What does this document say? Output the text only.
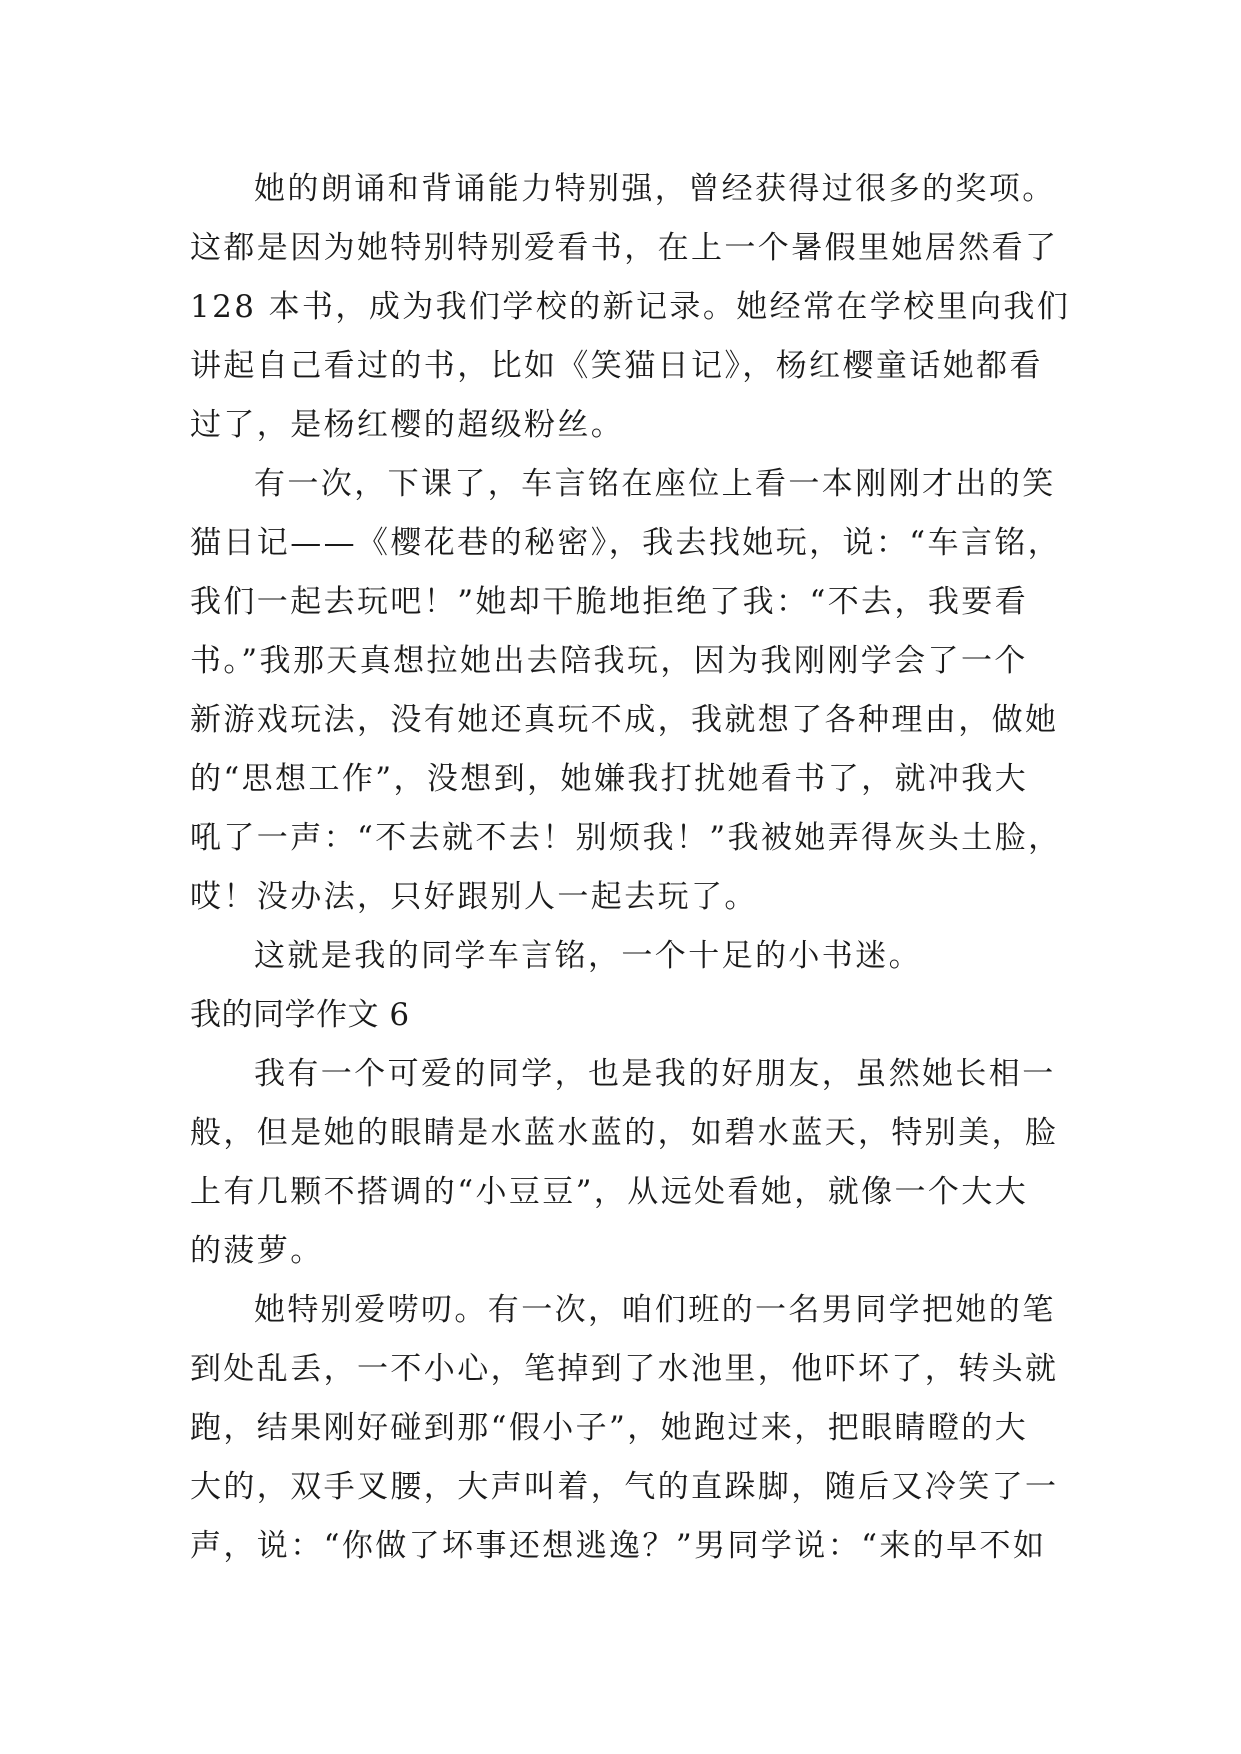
她的朗诵和背诵能力特别强，曾经获得过很多的奖项。
这都是因为她特别特别爱看书，在上一个暑假里她居然看了
128 本书，成为我们学校的新记录。她经常在学校里向我们
讲起自己看过的书，比如《笑猫日记》，杨红樱童话她都看
过了，是杨红樱的超级粉丝。
有一次，下课了，车言铭在座位上看一本刚刚才出的笑
猫日记——《樱花巷的秘密》，我去找她玩，说：“车言铭，
我们一起去玩吧！”她却干脆地拒绝了我：“不去，我要看
书。”我那天真想拉她出去陪我玩，因为我刚刚学会了一个
新游戏玩法，没有她还真玩不成，我就想了各种理由，做她
的“思想工作”，没想到，她嫌我打扰她看书了，就冲我大
吼了一声：“不去就不去！别烦我！”我被她弄得灰头土脸，
哎！没办法，只好跟别人一起去玩了。
这就是我的同学车言铭，一个十足的小书迷。
我的同学作文 6
我有一个可爱的同学，也是我的好朋友，虽然她长相一
般，但是她的眼睛是水蓝水蓝的，如碧水蓝天，特别美，脸
上有几颗不搭调的“小豆豆”，从远处看她，就像一个大大
的菠萝。
她特别爱唠叨。有一次，咱们班的一名男同学把她的笔
到处乱丢，一不小心，笔掉到了水池里，他吓坏了，转头就
跑，结果刚好碰到那“假小子”，她跑过来，把眼睛瞪的大
大的，双手叉腰，大声叫着，气的直跺脚，随后又冷笑了一
声，说：“你做了坏事还想逃逸？”男同学说：“来的早不如
